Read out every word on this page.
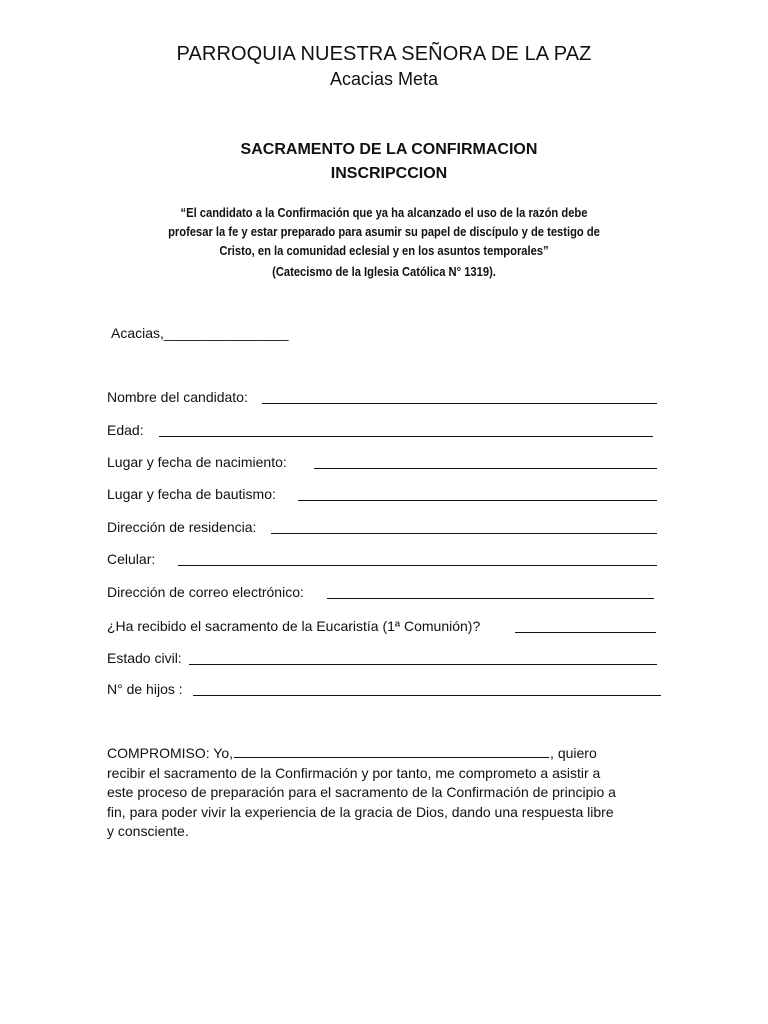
PARROQUIA NUESTRA SEÑORA DE LA PAZ
Acacias Meta
SACRAMENTO DE LA CONFIRMACION
INSCRIPCCION
“El candidato a la Confirmación que ya ha alcanzado el uso de la razón debe
profesar la fe y estar preparado para asumir su papel de discípulo y de testigo de
Cristo, en la comunidad eclesial y en los asuntos temporales”
(Catecismo de la Iglesia Católica N° 1319).
Acacias,________________
Nombre del candidato:
Edad:
Lugar y fecha de nacimiento:
Lugar y fecha de bautismo:
Dirección de residencia:
Celular:
Dirección de correo electrónico:
¿Ha recibido el sacramento de la Eucaristía (1ª Comunión)?
Estado civil:
N° de hijos :
COMPROMISO: Yo,	, quiero
recibir el sacramento de la Confirmación y por tanto, me comprometo a asistir a
este proceso de preparación para el sacramento de la Confirmación de principio a
fin, para poder vivir la experiencia de la gracia de Dios, dando una respuesta libre
y consciente.
